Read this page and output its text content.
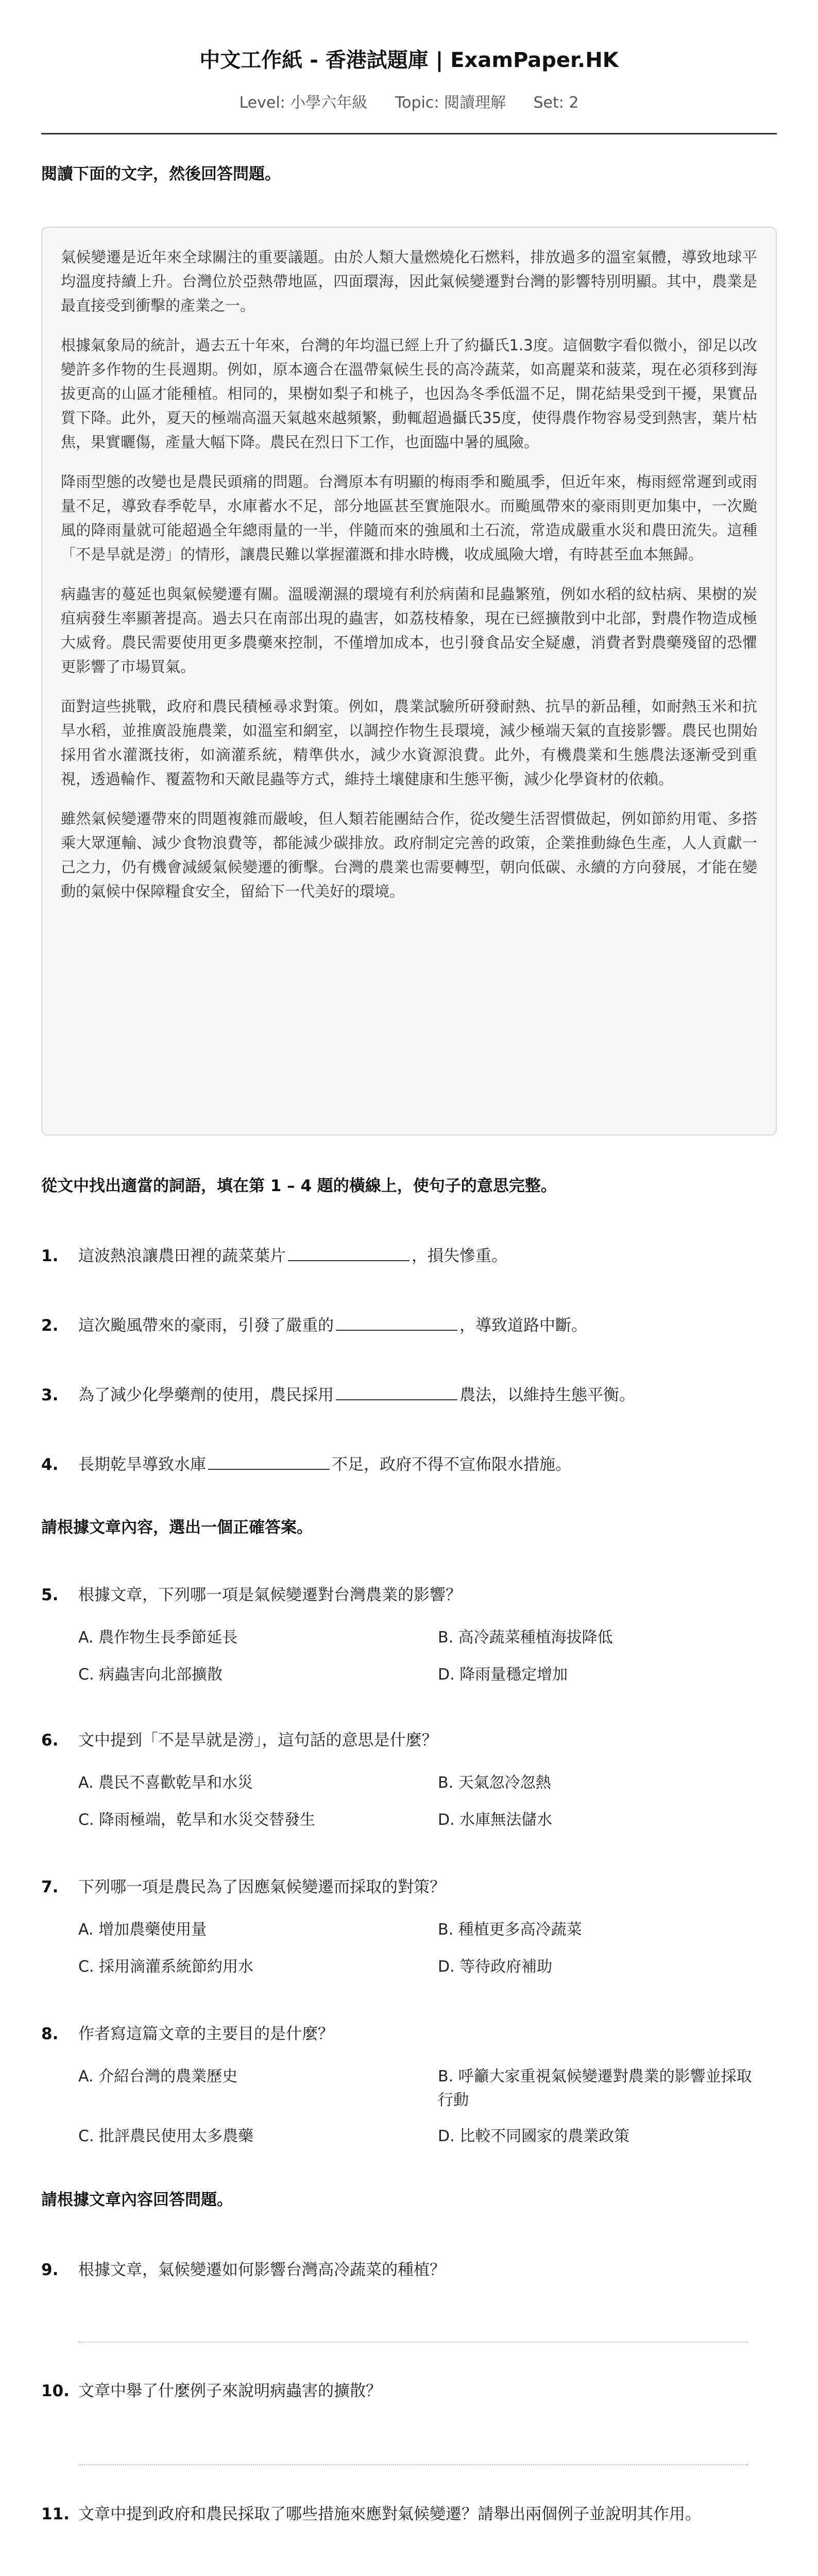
中文工作紙 - 香港試題庫 | ExamPaper.HK
Level: 小學六年級 Topic: 閱讀理解 Set: 2
閱讀下面的文字，然後回答問題。

氣候變遷是近年來全球關注的重要議題。由於人類大量燃燒化石燃料，排放過多的溫室氣體，導致地球平均溫度持續上升。台灣位於亞熱帶地區，四面環海，因此氣候變遷對台灣的影響特別明顯。其中，農業是最直接受到衝擊的產業之一。

根據氣象局的統計，過去五十年來，台灣的年均溫已經上升了約攝氏1.3度。這個數字看似微小，卻足以改變許多作物的生長週期。例如，原本適合在溫帶氣候生長的高冷蔬菜，如高麗菜和菠菜，現在必須移到海拔更高的山區才能種植。相同的，果樹如梨子和桃子，也因為冬季低溫不足，開花結果受到干擾，果實品質下降。此外，夏天的極端高溫天氣越來越頻繁，動輒超過攝氏35度，使得農作物容易受到熱害，葉片枯焦，果實曬傷，產量大幅下降。農民在烈日下工作，也面臨中暑的風險。

降雨型態的改變也是農民頭痛的問題。台灣原本有明顯的梅雨季和颱風季，但近年來，梅雨經常遲到或雨量不足，導致春季乾旱，水庫蓄水不足，部分地區甚至實施限水。而颱風帶來的豪雨則更加集中，一次颱風的降雨量就可能超過全年總雨量的一半，伴隨而來的強風和土石流，常造成嚴重水災和農田流失。這種「不是旱就是澇」的情形，讓農民難以掌握灌溉和排水時機，收成風險大增，有時甚至血本無歸。

病蟲害的蔓延也與氣候變遷有關。溫暖潮濕的環境有利於病菌和昆蟲繁殖，例如水稻的紋枯病、果樹的炭疽病發生率顯著提高。過去只在南部出現的蟲害，如荔枝椿象，現在已經擴散到中北部，對農作物造成極大威脅。農民需要使用更多農藥來控制，不僅增加成本，也引發食品安全疑慮，消費者對農藥殘留的恐懼更影響了市場買氣。

面對這些挑戰，政府和農民積極尋求對策。例如，農業試驗所研發耐熱、抗旱的新品種，如耐熱玉米和抗旱水稻，並推廣設施農業，如溫室和網室，以調控作物生長環境，減少極端天氣的直接影響。農民也開始採用省水灌溉技術，如滴灌系統，精準供水，減少水資源浪費。此外，有機農業和生態農法逐漸受到重視，透過輪作、覆蓋物和天敵昆蟲等方式，維持土壤健康和生態平衡，減少化學資材的依賴。

雖然氣候變遷帶來的問題複雜而嚴峻，但人類若能團結合作，從改變生活習慣做起，例如節約用電、多搭乘大眾運輸、減少食物浪費等，都能減少碳排放。政府制定完善的政策，企業推動綠色生產，人人貢獻一己之力，仍有機會減緩氣候變遷的衝擊。台灣的農業也需要轉型，朝向低碳、永續的方向發展，才能在變動的氣候中保障糧食安全，留給下一代美好的環境。

從文中找出適當的詞語，填在第 1 – 4 題的橫線上，使句子的意思完整。
1. 這波熱浪讓農田裡的蔬菜葉片	，損失慘重。
2. 這次颱風帶來的豪雨，引發了嚴重的	，導致道路中斷。
3. 為了減少化學藥劑的使用，農民採用	農法，以維持生態平衡。
4. 長期乾旱導致水庫	不足，政府不得不宣佈限水措施。
請根據文章內容，選出一個正確答案。
5. 根據文章，下列哪一項是氣候變遷對台灣農業的影響？
A. 農作物生長季節延長	B. 高冷蔬菜種植海拔降低
C. 病蟲害向北部擴散	D. 降雨量穩定增加
6. 文中提到「不是旱就是澇」，這句話的意思是什麼？
A. 農民不喜歡乾旱和水災	B. 天氣忽冷忽熱
C. 降雨極端，乾旱和水災交替發生	D. 水庫無法儲水
7. 下列哪一項是農民為了因應氣候變遷而採取的對策？
A. 增加農藥使用量	B. 種植更多高冷蔬菜
C. 採用滴灌系統節約用水	D. 等待政府補助
8. 作者寫這篇文章的主要目的是什麼？
A. 介紹台灣的農業歷史	B. 呼籲大家重視氣候變遷對農業的影響並採取行動
C. 批評農民使用太多農藥	D. 比較不同國家的農業政策
請根據文章內容回答問題。
9. 根據文章，氣候變遷如何影響台灣高冷蔬菜的種植？
10. 文章中舉了什麼例子來說明病蟲害的擴散？
11. 文章中提到政府和農民採取了哪些措施來應對氣候變遷？請舉出兩個例子並說明其作用。
